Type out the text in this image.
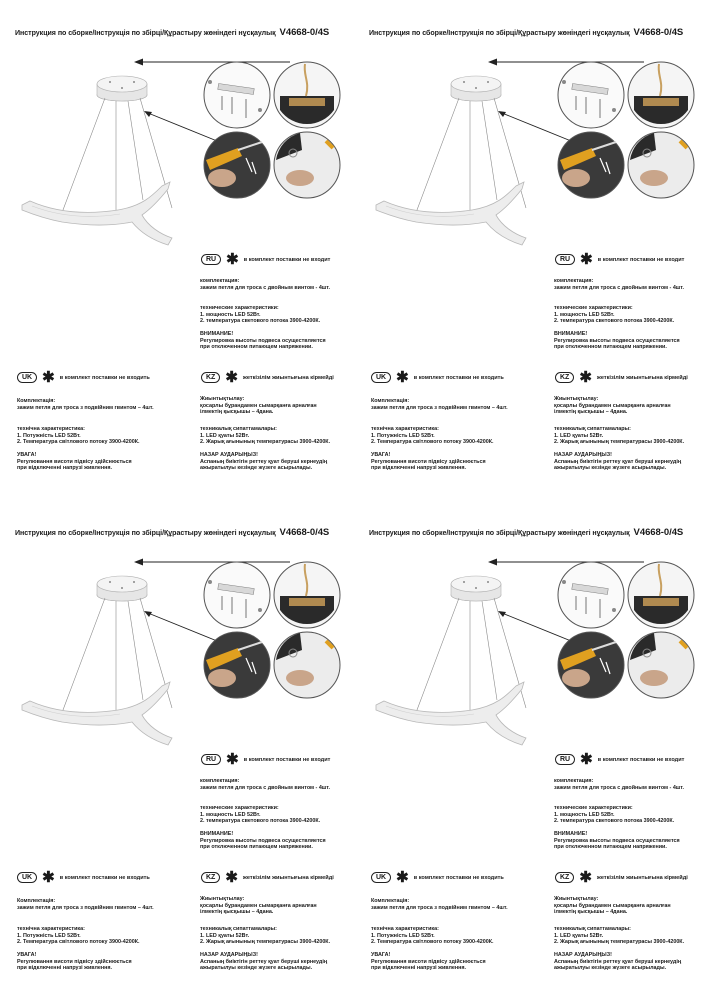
Инструкция по сборке/Інструкція по збірці/Құрастыру жөніндегі нұсқаулық V4668-0/4S
RU ✱ в комплект поставки не входит

комплектация:

зажим петля для троса с двойным винтом - 4шт.

технические характеристики:

1. мощность LED 52Вт.

2. температура светового потока 3900-4200К.

ВНИМАНИЕ!

Регулировка высоты подвеса осуществляется

при отключенном питающем напряжении.

UK ✱ в комплект поставки не входить

Комплектація:

зажим петля для троса з подвійним гвинтом – 4шт.

технічна характеристика:

1. Потужність LED 52Вт.

2. Температура світлового потоку 3900-4200К.

УВАГА!

Регулювання висоти підвісу здійснюється

при відключенні напрузі живлення.

KZ ✱ жеткізілім жиынтығына кірмейді

Жиынтықтылау:

қосарлы бұрандамен сымарқанға арналған

ілмектің қысқышы – 4дана.

техникалық сипаттамалары:

1. LED қуаты 52Вт.

2. Жарық ағынының температурасы 3900-4200К.

НАЗАР АУДАРЫҢЫЗ!

Аспаның биіктігін реттеу қуат беруші кернеудің

ажыратылуы кезінде жүзеге асырылады.

Инструкция по сборке/Інструкція по збірці/Құрастыру жөніндегі нұсқаулық V4668-0/4S
RU ✱ в комплект поставки не входит

комплектация:

зажим петля для троса с двойным винтом - 4шт.

технические характеристики:

1. мощность LED 52Вт.

2. температура светового потока 3900-4200К.

ВНИМАНИЕ!

Регулировка высоты подвеса осуществляется

при отключенном питающем напряжении.

UK ✱ в комплект поставки не входить

Комплектація:

зажим петля для троса з подвійним гвинтом – 4шт.

технічна характеристика:

1. Потужність LED 52Вт.

2. Температура світлового потоку 3900-4200К.

УВАГА!

Регулювання висоти підвісу здійснюється

при відключенні напрузі живлення.

KZ ✱ жеткізілім жиынтығына кірмейді

Жиынтықтылау:

қосарлы бұрандамен сымарқанға арналған

ілмектің қысқышы – 4дана.

техникалық сипаттамалары:

1. LED қуаты 52Вт.

2. Жарық ағынының температурасы 3900-4200К.

НАЗАР АУДАРЫҢЫЗ!

Аспаның биіктігін реттеу қуат беруші кернеудің

ажыратылуы кезінде жүзеге асырылады.

Инструкция по сборке/Інструкція по збірці/Құрастыру жөніндегі нұсқаулық V4668-0/4S
RU ✱ в комплект поставки не входит

комплектация:

зажим петля для троса с двойным винтом - 4шт.

технические характеристики:

1. мощность LED 52Вт.

2. температура светового потока 3900-4200К.

ВНИМАНИЕ!

Регулировка высоты подвеса осуществляется

при отключенном питающем напряжении.

UK ✱ в комплект поставки не входить

Комплектація:

зажим петля для троса з подвійним гвинтом – 4шт.

технічна характеристика:

1. Потужність LED 52Вт.

2. Температура світлового потоку 3900-4200К.

УВАГА!

Регулювання висоти підвісу здійснюється

при відключенні напрузі живлення.

KZ ✱ жеткізілім жиынтығына кірмейді

Жиынтықтылау:

қосарлы бұрандамен сымарқанға арналған

ілмектің қысқышы – 4дана.

техникалық сипаттамалары:

1. LED қуаты 52Вт.

2. Жарық ағынының температурасы 3900-4200К.

НАЗАР АУДАРЫҢЫЗ!

Аспаның биіктігін реттеу қуат беруші кернеудің

ажыратылуы кезінде жүзеге асырылады.

Инструкция по сборке/Інструкція по збірці/Құрастыру жөніндегі нұсқаулық V4668-0/4S
RU ✱ в комплект поставки не входит

комплектация:

зажим петля для троса с двойным винтом - 4шт.

технические характеристики:

1. мощность LED 52Вт.

2. температура светового потока 3900-4200К.

ВНИМАНИЕ!

Регулировка высоты подвеса осуществляется

при отключенном питающем напряжении.

UK ✱ в комплект поставки не входить

Комплектація:

зажим петля для троса з подвійним гвинтом – 4шт.

технічна характеристика:

1. Потужність LED 52Вт.

2. Температура світлового потоку 3900-4200К.

УВАГА!

Регулювання висоти підвісу здійснюється

при відключенні напрузі живлення.

KZ ✱ жеткізілім жиынтығына кірмейді

Жиынтықтылау:

қосарлы бұрандамен сымарқанға арналған

ілмектің қысқышы – 4дана.

техникалық сипаттамалары:

1. LED қуаты 52Вт.

2. Жарық ағынының температурасы 3900-4200К.

НАЗАР АУДАРЫҢЫЗ!

Аспаның биіктігін реттеу қуат беруші кернеудің

ажыратылуы кезінде жүзеге асырылады.
